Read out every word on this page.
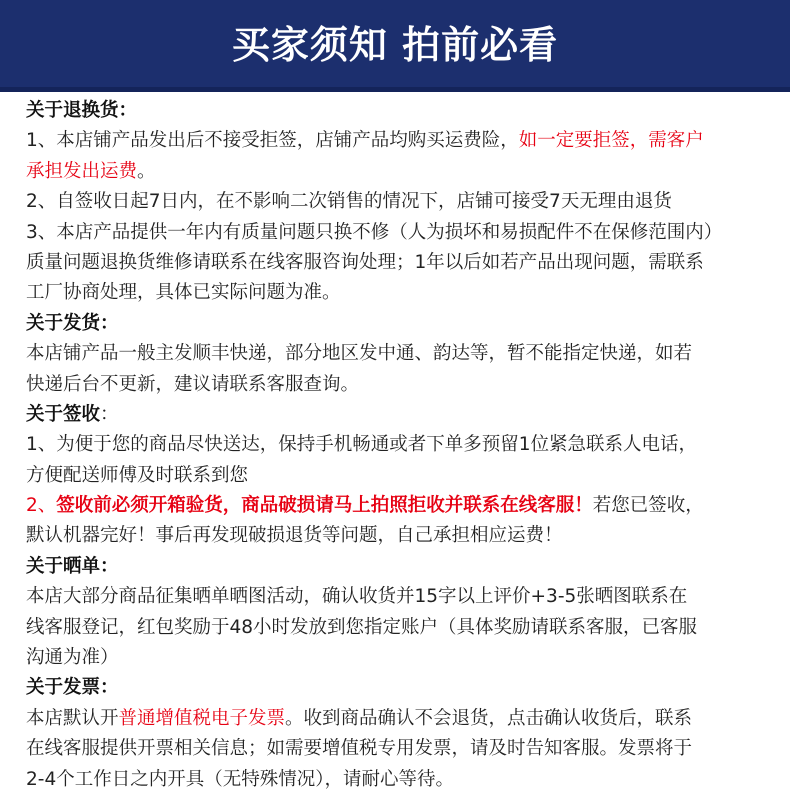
买家须知 拍前必看
关于退换货：
1、本店铺产品发出后不接受拒签，店铺产品均购买运费险，如一定要拒签，需客户
承担发出运费。
2、自签收日起7日内，在不影响二次销售的情况下，店铺可接受7天无理由退货
3、本店产品提供一年内有质量问题只换不修（人为损坏和易损配件不在保修范围内）
质量问题退换货维修请联系在线客服咨询处理；1年以后如若产品出现问题，需联系
工厂协商处理，具体已实际问题为准。
关于发货：
本店铺产品一般主发顺丰快递，部分地区发中通、韵达等，暂不能指定快递，如若
快递后台不更新，建议请联系客服查询。
关于签收：
1、为便于您的商品尽快送达，保持手机畅通或者下单多预留1位紧急联系人电话，
方便配送师傅及时联系到您
2、签收前必须开箱验货，商品破损请马上拍照拒收并联系在线客服！若您已签收，
默认机器完好！事后再发现破损退货等问题，自己承担相应运费！
关于晒单：
本店大部分商品征集晒单晒图活动，确认收货并15字以上评价+3-5张晒图联系在
线客服登记，红包奖励于48小时发放到您指定账户（具体奖励请联系客服，已客服
沟通为准）
关于发票：
本店默认开普通增值税电子发票。收到商品确认不会退货，点击确认收货后，联系
在线客服提供开票相关信息；如需要增值税专用发票，请及时告知客服。发票将于
2-4个工作日之内开具（无特殊情况），请耐心等待。
